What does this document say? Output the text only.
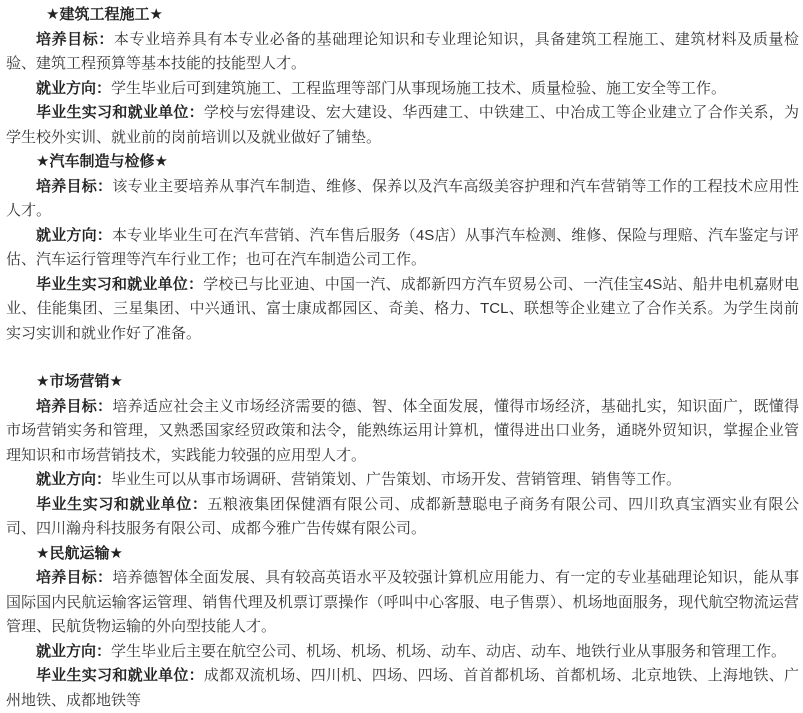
★建筑工程施工★

培养目标：本专业培养具有本专业必备的基础理论知识和专业理论知识，具备建筑工程施工、建筑材料及质量检验、建筑工程预算等基本技能的技能型人才。

就业方向：学生毕业后可到建筑施工、工程监理等部门从事现场施工技术、质量检验、施工安全等工作。

毕业生实习和就业单位：学校与宏得建设、宏大建设、华西建工、中铁建工、中冶成工等企业建立了合作关系，为学生校外实训、就业前的岗前培训以及就业做好了铺垫。

★汽车制造与检修★

培养目标：该专业主要培养从事汽车制造、维修、保养以及汽车高级美容护理和汽车营销等工作的工程技术应用性人才。

就业方向：本专业毕业生可在汽车营销、汽车售后服务（4S店）从事汽车检测、维修、保险与理赔、汽车鉴定与评估、汽车运行管理等汽车行业工作；也可在汽车制造公司工作。

毕业生实习和就业单位：学校已与比亚迪、中国一汽、成都新四方汽车贸易公司、一汽佳宝4S站、船井电机嘉财电业、佳能集团、三星集团、中兴通讯、富士康成都园区、奇美、格力、TCL、联想等企业建立了合作关系。为学生岗前实习实训和就业作好了准备。

★市场营销★

培养目标：培养适应社会主义市场经济需要的德、智、体全面发展，懂得市场经济，基础扎实，知识面广，既懂得市场营销实务和管理，又熟悉国家经贸政策和法令，能熟练运用计算机，懂得进出口业务，通晓外贸知识，掌握企业管理知识和市场营销技术，实践能力较强的应用型人才。

就业方向：毕业生可以从事市场调研、营销策划、广告策划、市场开发、营销管理、销售等工作。

毕业生实习和就业单位：五粮液集团保健酒有限公司、成都新慧聪电子商务有限公司、四川玖真宝酒实业有限公司、四川瀚舟科技服务有限公司、成都今雅广告传媒有限公司。

★民航运输★

培养目标：培养德智体全面发展、具有较高英语水平及较强计算机应用能力、有一定的专业基础理论知识，能从事国际国内民航运输客运管理、销售代理及机票订票操作（呼叫中心客服、电子售票）、机场地面服务，现代航空物流运营管理、民航货物运输的外向型技能人才。

就业方向：学生毕业后主要在航空公司、机场、机场、机场、动车、动店、动车、地铁行业从事服务和管理工作。

毕业生实习和就业单位：成都双流机场、四川机、四场、四场、首首都机场、首都机场、北京地铁、上海地铁、广州地铁、成都地铁等
